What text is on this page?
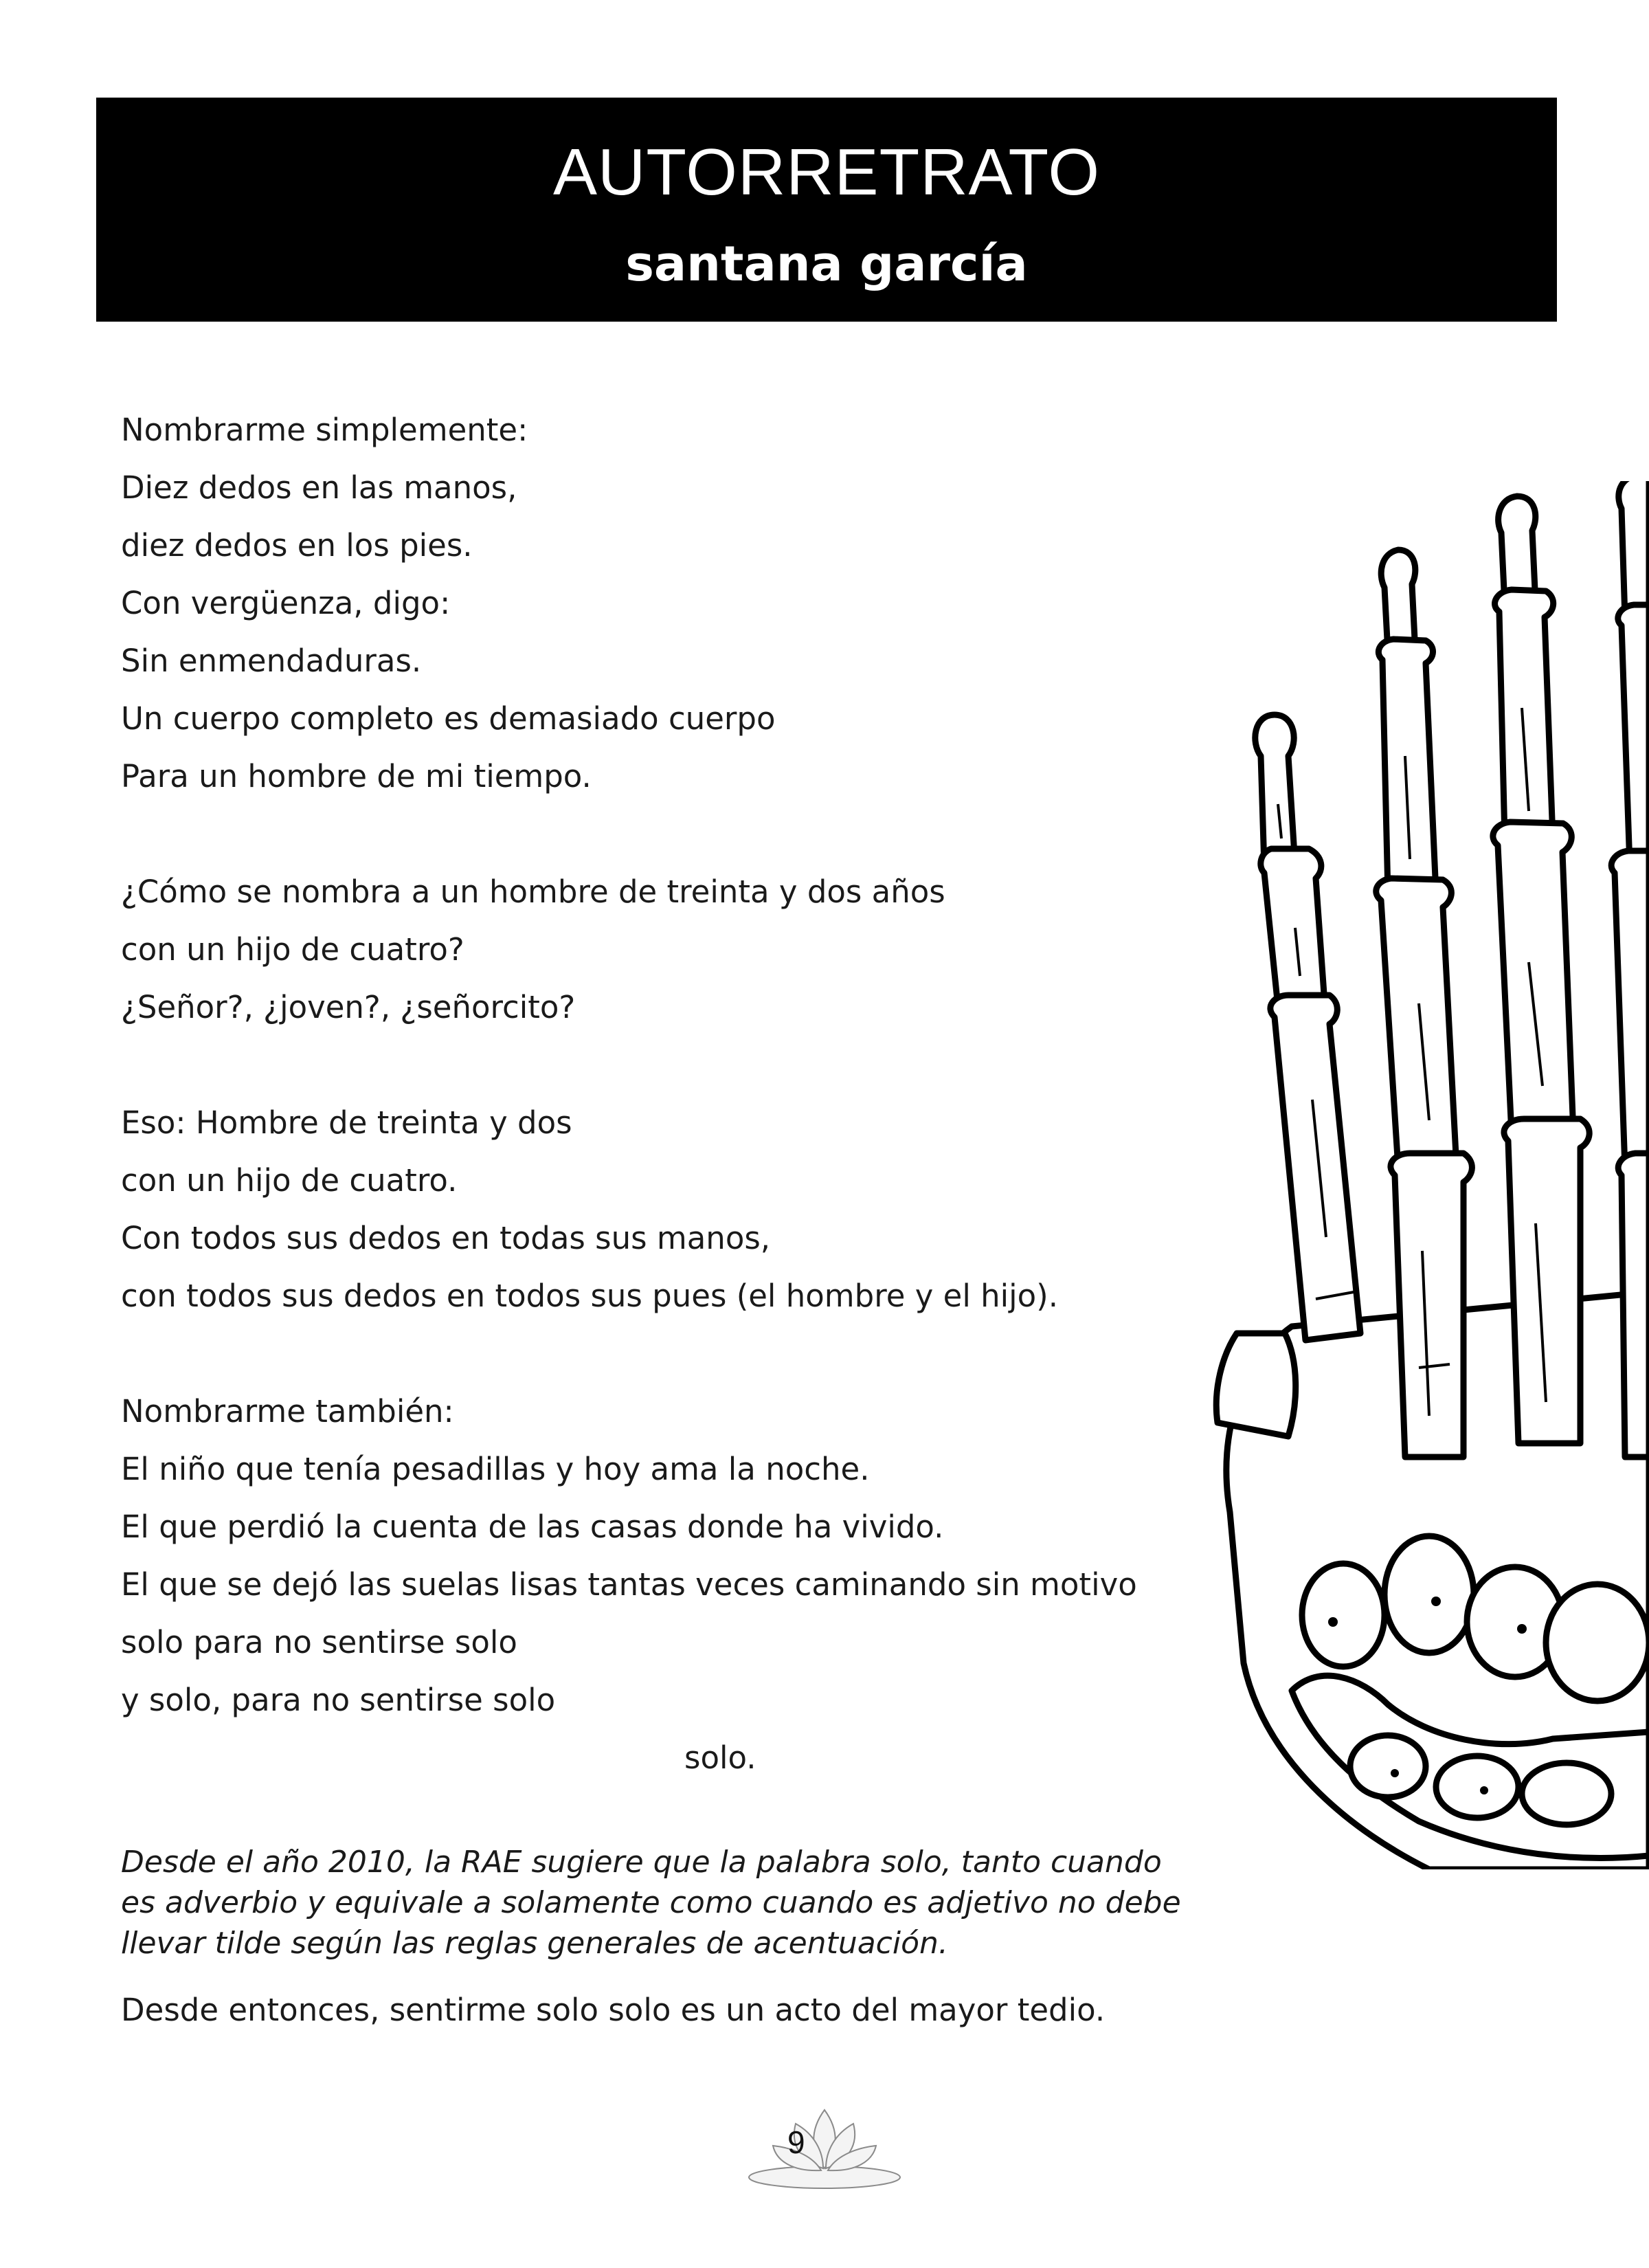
AUTORRETRATO
santana garcía
Nombrarme simplemente:
Diez dedos en las manos,
diez dedos en los pies.
Con vergüenza, digo:
Sin enmendaduras.
Un cuerpo completo es demasiado cuerpo
Para un hombre de mi tiempo.
¿Cómo se nombra a un hombre de treinta y dos años
con un hijo de cuatro?
¿Señor?, ¿joven?, ¿señorcito?
Eso: Hombre de treinta y dos
con un hijo de cuatro.
Con todos sus dedos en todas sus manos,
con todos sus dedos en todos sus pues (el hombre y el hijo).
Nombrarme también:
El niño que tenía pesadillas y hoy ama la noche.
El que perdió la cuenta de las casas donde ha vivido.
El que se dejó las suelas lisas tantas veces caminando sin motivo
solo para no sentirse solo
y solo, para no sentirse solo
solo.
Desde el año 2010, la RAE sugiere que la palabra solo, tanto cuando
es adverbio y equivale a solamente como cuando es adjetivo no debe
llevar tilde según las reglas generales de acentuación.
Desde entonces, sentirme solo solo es un acto del mayor tedio.
9
